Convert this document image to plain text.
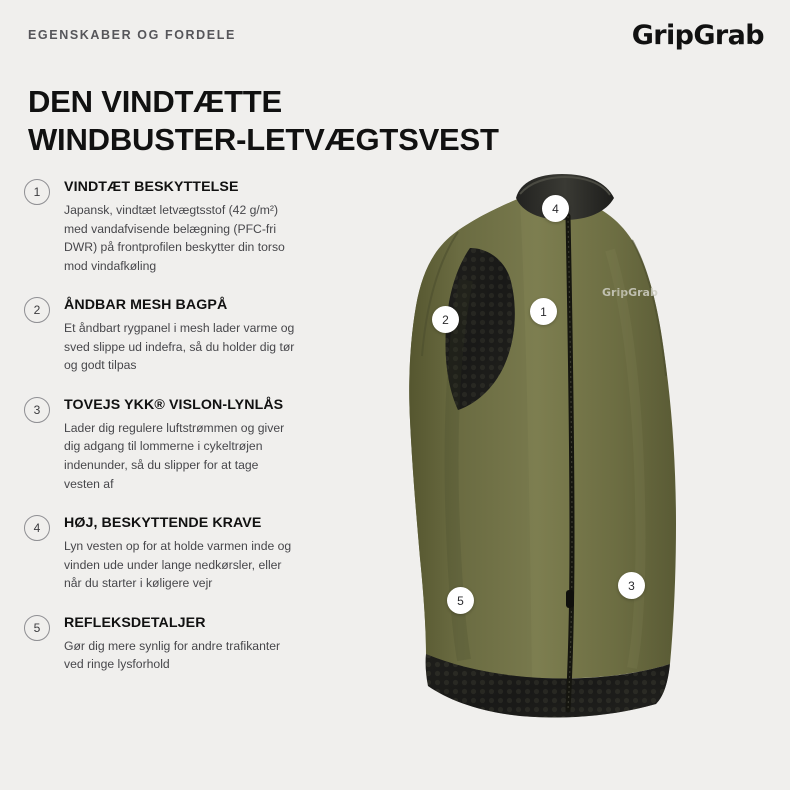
EGENSKABER OG FORDELE	GripGrab
DEN VINDTÆTTE
WINDBUSTER-LETVÆGTSVEST
1	VINDTÆT BESKYTTELSE

Japansk, vindtæt letvægtsstof (42 g/m²) med vandafvisende belægning (PFC-fri DWR) på frontprofilen beskytter din torso mod vindafkøling

2	ÅNDBAR MESH BAGPÅ

Et åndbart rygpanel i mesh lader varme og sved slippe ud indefra, så du holder dig tør og godt tilpas

3	TOVEJS YKK® VISLON-LYNLÅS

Lader dig regulere luftstrømmen og giver dig adgang til lommerne i cykeltrøjen indenunder, så du slipper for at tage vesten af

4	HØJ, BESKYTTENDE KRAVE

Lyn vesten op for at holde varmen inde og vinden ude under lange nedkørsler, eller når du starter i køligere vejr

5	REFLEKSDETALJER

Gør dig mere synlig for andre trafikanter ved ringe lysforhold

GripGrab
4
2
1
3
5
